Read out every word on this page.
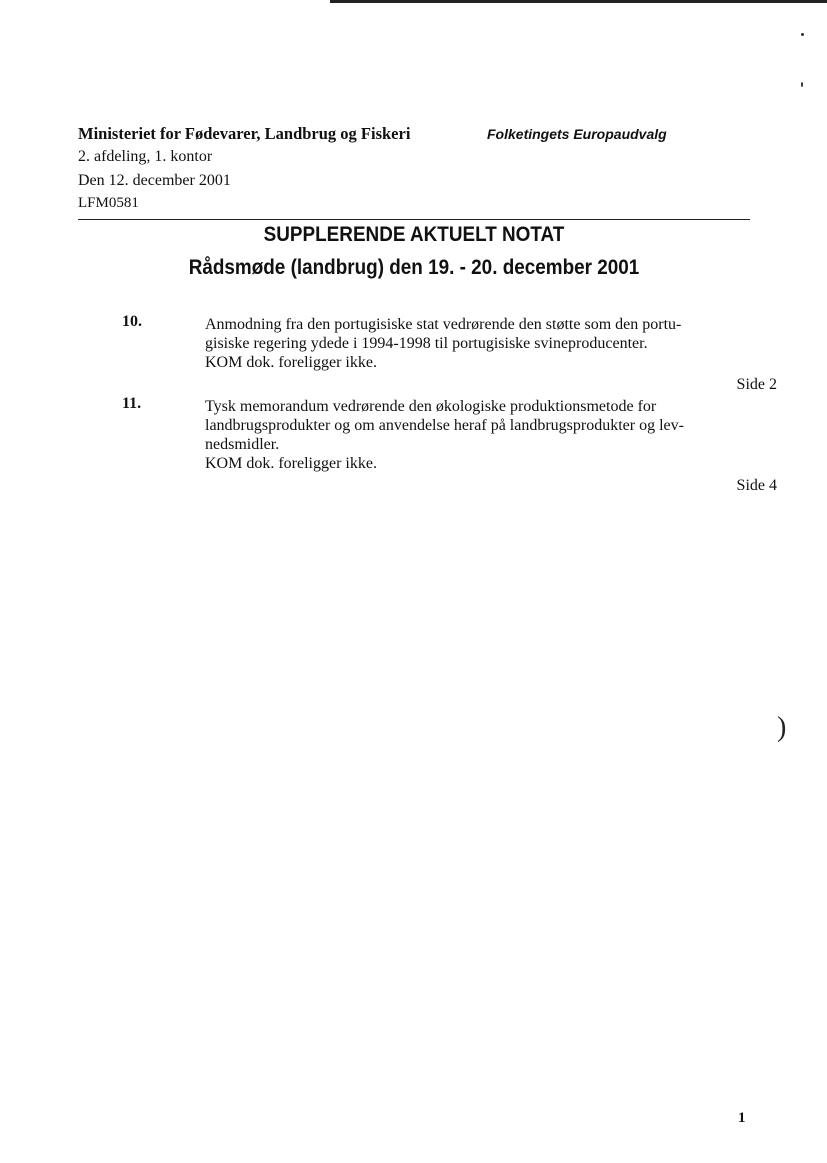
Ministeriet for Fødevarer, Landbrug og Fiskeri	Folketingets Europaudvalg
2. afdeling, 1. kontor
Den 12. december 2001
LFM0581
SUPPLERENDE AKTUELT NOTAT
Rådsmøde (landbrug) den 19. - 20. december 2001
10.	Anmodning fra den portugisiske stat vedrørende den støtte som den portu-
gisiske regering ydede i 1994-1998 til portugisiske svineproducenter.
KOM dok. foreligger ikke.
Side 2
11.	Tysk memorandum vedrørende den økologiske produktionsmetode for
landbrugsprodukter og om anvendelse heraf på landbrugsprodukter og lev-
nedsmidler.
KOM dok. foreligger ikke.
Side 4
)
1
